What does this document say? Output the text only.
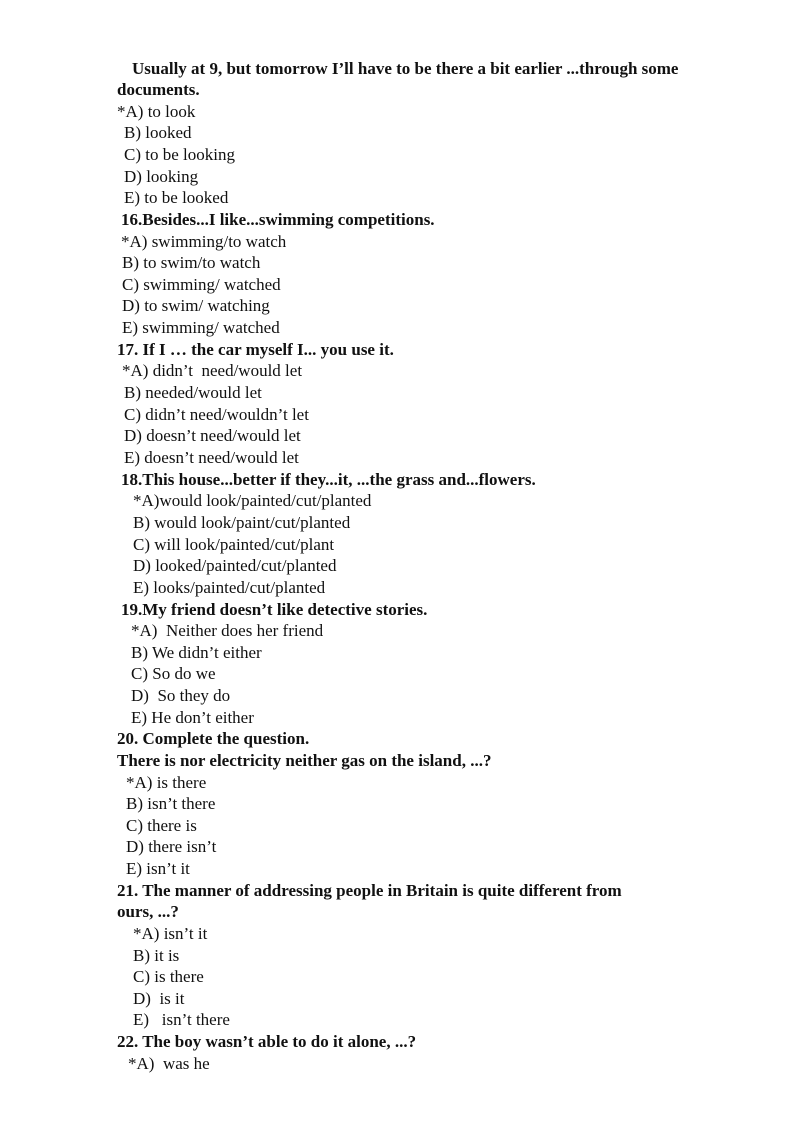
Usually at 9, but tomorrow I’ll have to be there a bit earlier ...through some
documents.
*A) to look
B) looked
C) to be looking
D) looking
E) to be looked
16.Besides...I like...swimming competitions.
*A) swimming/to watch
B) to swim/to watch
C) swimming/ watched
D) to swim/ watching
E) swimming/ watched
17. If I … the car myself I... you use it.
*A) didn’t  need/would let
B) needed/would let
C) didn’t need/wouldn’t let
D) doesn’t need/would let
E) doesn’t need/would let
18.This house...better if they...it, ...the grass and...flowers.
*A)would look/painted/cut/planted
B) would look/paint/cut/planted
C) will look/painted/cut/plant
D) looked/painted/cut/planted
E) looks/painted/cut/planted
19.My friend doesn’t like detective stories.
*A)  Neither does her friend
B) We didn’t either
C) So do we
D)  So they do
E) He don’t either
20. Complete the question.
There is nor electricity neither gas on the island, ...?
*A) is there
B) isn’t there
C) there is
D) there isn’t
E) isn’t it
21. The manner of addressing people in Britain is quite different from
ours, ...?
*A) isn’t it
B) it is
C) is there
D)  is it
E)   isn’t there
22. The boy wasn’t able to do it alone, ...?
*A)  was he
